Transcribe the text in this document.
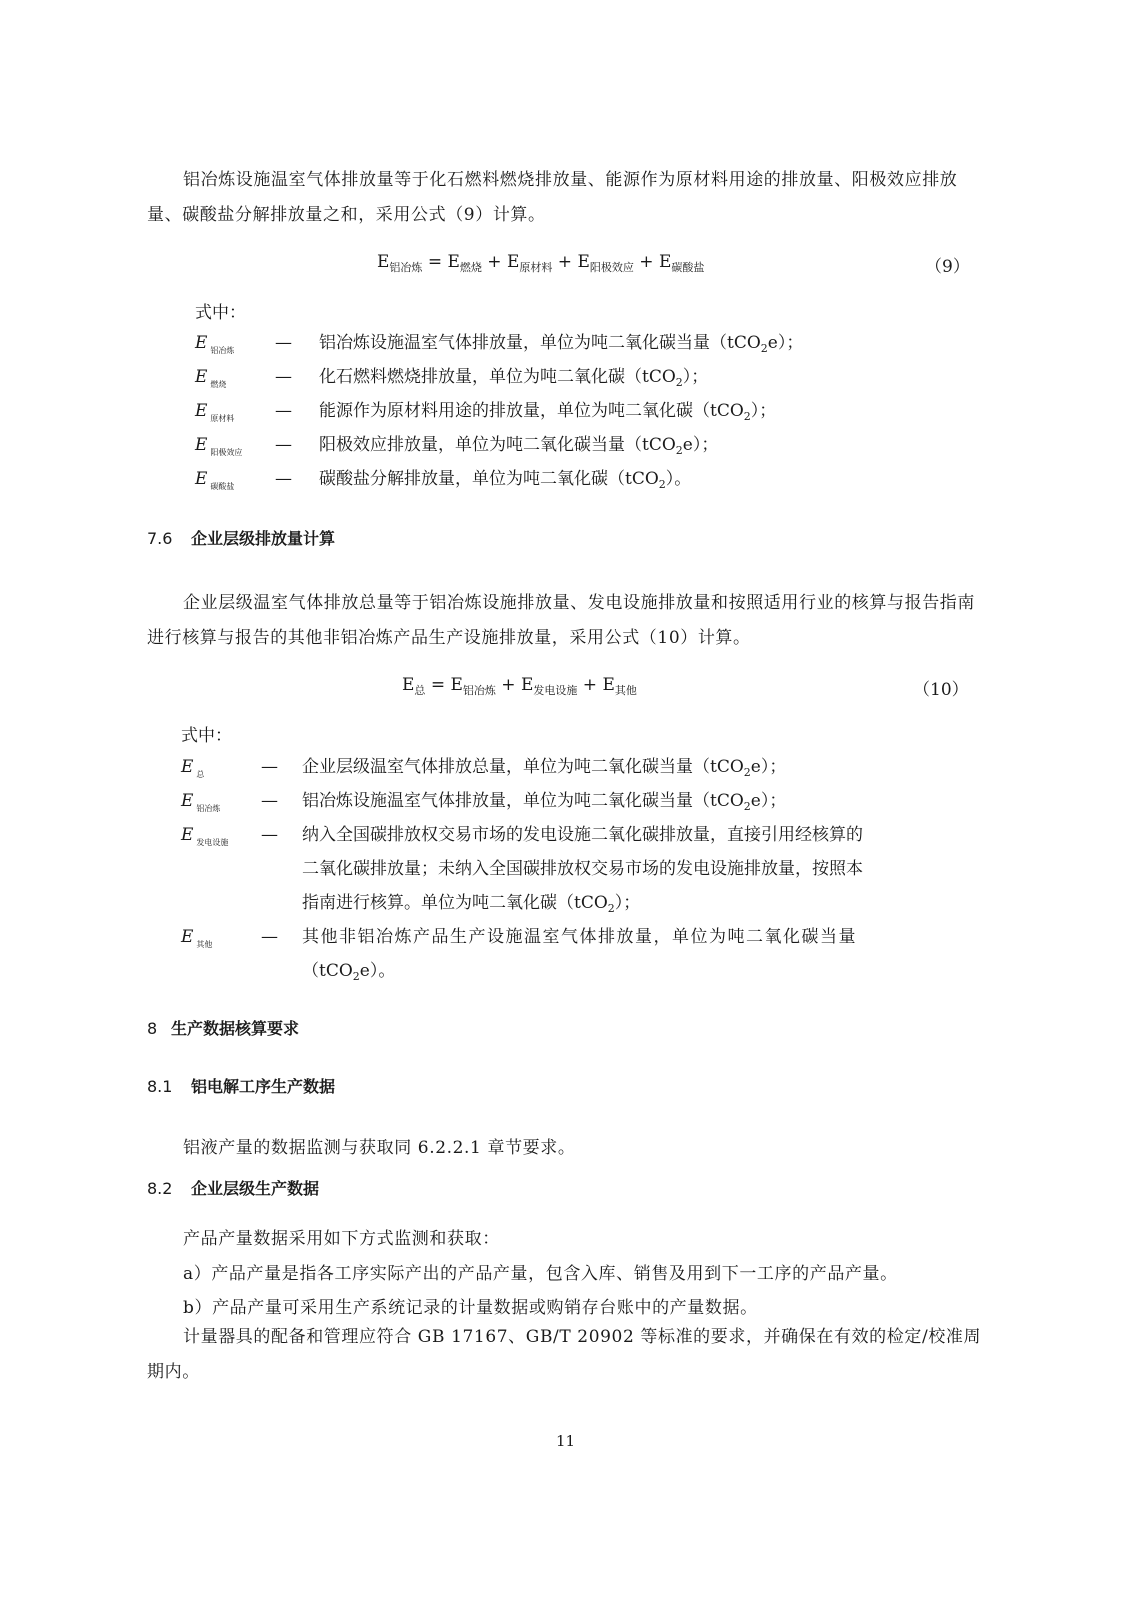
铝冶炼设施温室气体排放量等于化石燃料燃烧排放量、能源作为原材料用途的排放量、阳极效应排放量、碳酸盐分解排放量之和，采用公式（9）计算。

$E_{铝冶炼} = E_{燃烧} + E_{原材料} + E_{阳极效应} + E_{碳酸盐}$	（9）
式中：
E $_{铝冶炼}$ — 铝冶炼设施温室气体排放量，单位为吨二氧化碳当量（tCO$_2$e）；
E $_{燃烧}$	— 化石燃料燃烧排放量，单位为吨二氧化碳（tCO$_2$）；
E $_{原材料}$ — 能源作为原材料用途的排放量，单位为吨二氧化碳（tCO$_2$）；
E $_{阳极效应}$ — 阳极效应排放量，单位为吨二氧化碳当量（tCO$_2$e）；
E $_{碳酸盐}$ — 碳酸盐分解排放量，单位为吨二氧化碳（tCO$_2$）。
7.6 企业层级排放量计算

企业层级温室气体排放总量等于铝冶炼设施排放量、发电设施排放量和按照适用行业的核算与报告指南进行核算与报告的其他非铝冶炼产品生产设施排放量，采用公式（10）计算。

$E_总 = E_{铝冶炼} + E_{发电设施} + E_{其他}$	（10）
式中：
E $_总$	— 企业层级温室气体排放总量，单位为吨二氧化碳当量（tCO$_2$e）；
E $_{铝冶炼}$ — 铝冶炼设施温室气体排放量，单位为吨二氧化碳当量（tCO$_2$e）；
E $_{发电设施}$ — 纳入全国碳排放权交易市场的发电设施二氧化碳排放量，直接引用经核算的
二氧化碳排放量；未纳入全国碳排放权交易市场的发电设施排放量，按照本
指南进行核算。单位为吨二氧化碳（tCO$_2$）；
E $_{其他}$	— 其他非铝冶炼产品生产设施温室气体排放量，单位为吨二氧化碳当量
（tCO$_2$e）。
8 生产数据核算要求
8.1 铝电解工序生产数据
铝液产量的数据监测与获取同 6.2.2.1 章节要求。
8.2 企业层级生产数据
产品产量数据采用如下方式监测和获取：
a）产品产量是指各工序实际产出的产品产量，包含入库、销售及用到下一工序的产品产量。
b）产品产量可采用生产系统记录的计量数据或购销存台账中的产量数据。

计量器具的配备和管理应符合 GB 17167、GB/T 20902 等标准的要求，并确保在有效的检定/校准周期内。

11
